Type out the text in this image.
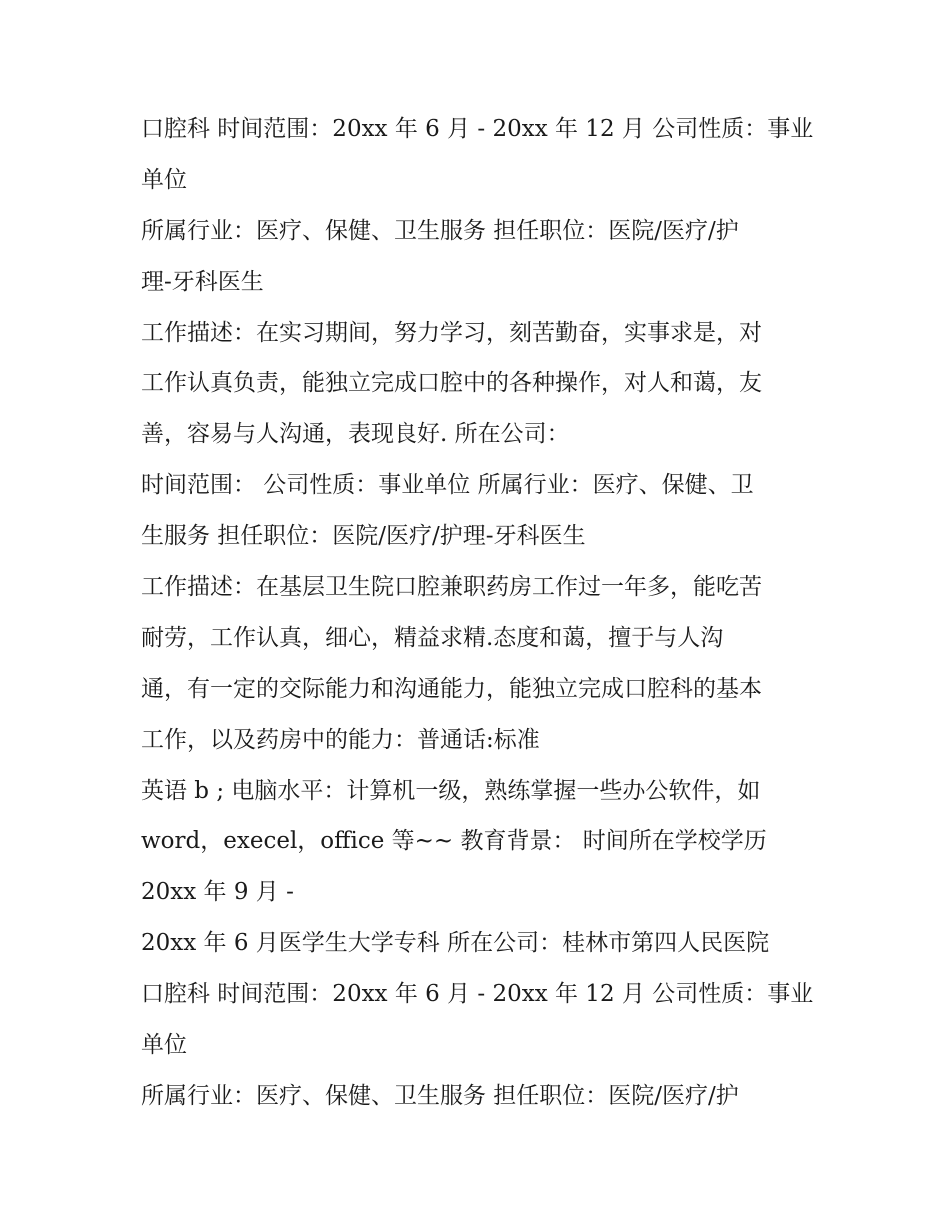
口腔科 时间范围：20xx 年 6 月 - 20xx 年 12 月 公司性质：事业
单位
所属行业：医疗、保健、卫生服务 担任职位：医院/医疗/护
理-牙科医生
工作描述：在实习期间，努力学习，刻苦勤奋，实事求是，对
工作认真负责，能独立完成口腔中的各种操作，对人和蔼，友
善，容易与人沟通，表现良好. 所在公司：
时间范围： 公司性质：事业单位 所属行业：医疗、保健、卫
生服务 担任职位：医院/医疗/护理-牙科医生
工作描述：在基层卫生院口腔兼职药房工作过一年多，能吃苦
耐劳，工作认真，细心，精益求精.态度和蔼，擅于与人沟
通，有一定的交际能力和沟通能力，能独立完成口腔科的基本
工作，以及药房中的能力：普通话:标准
英语 b ; 电脑水平：计算机一级，熟练掌握一些办公软件，如
word，execel，office 等~~ 教育背景： 时间所在学校学历
20xx 年 9 月 -
20xx 年 6 月医学生大学专科 所在公司：桂林市第四人民医院
口腔科 时间范围：20xx 年 6 月 - 20xx 年 12 月 公司性质：事业
单位
所属行业：医疗、保健、卫生服务 担任职位：医院/医疗/护
